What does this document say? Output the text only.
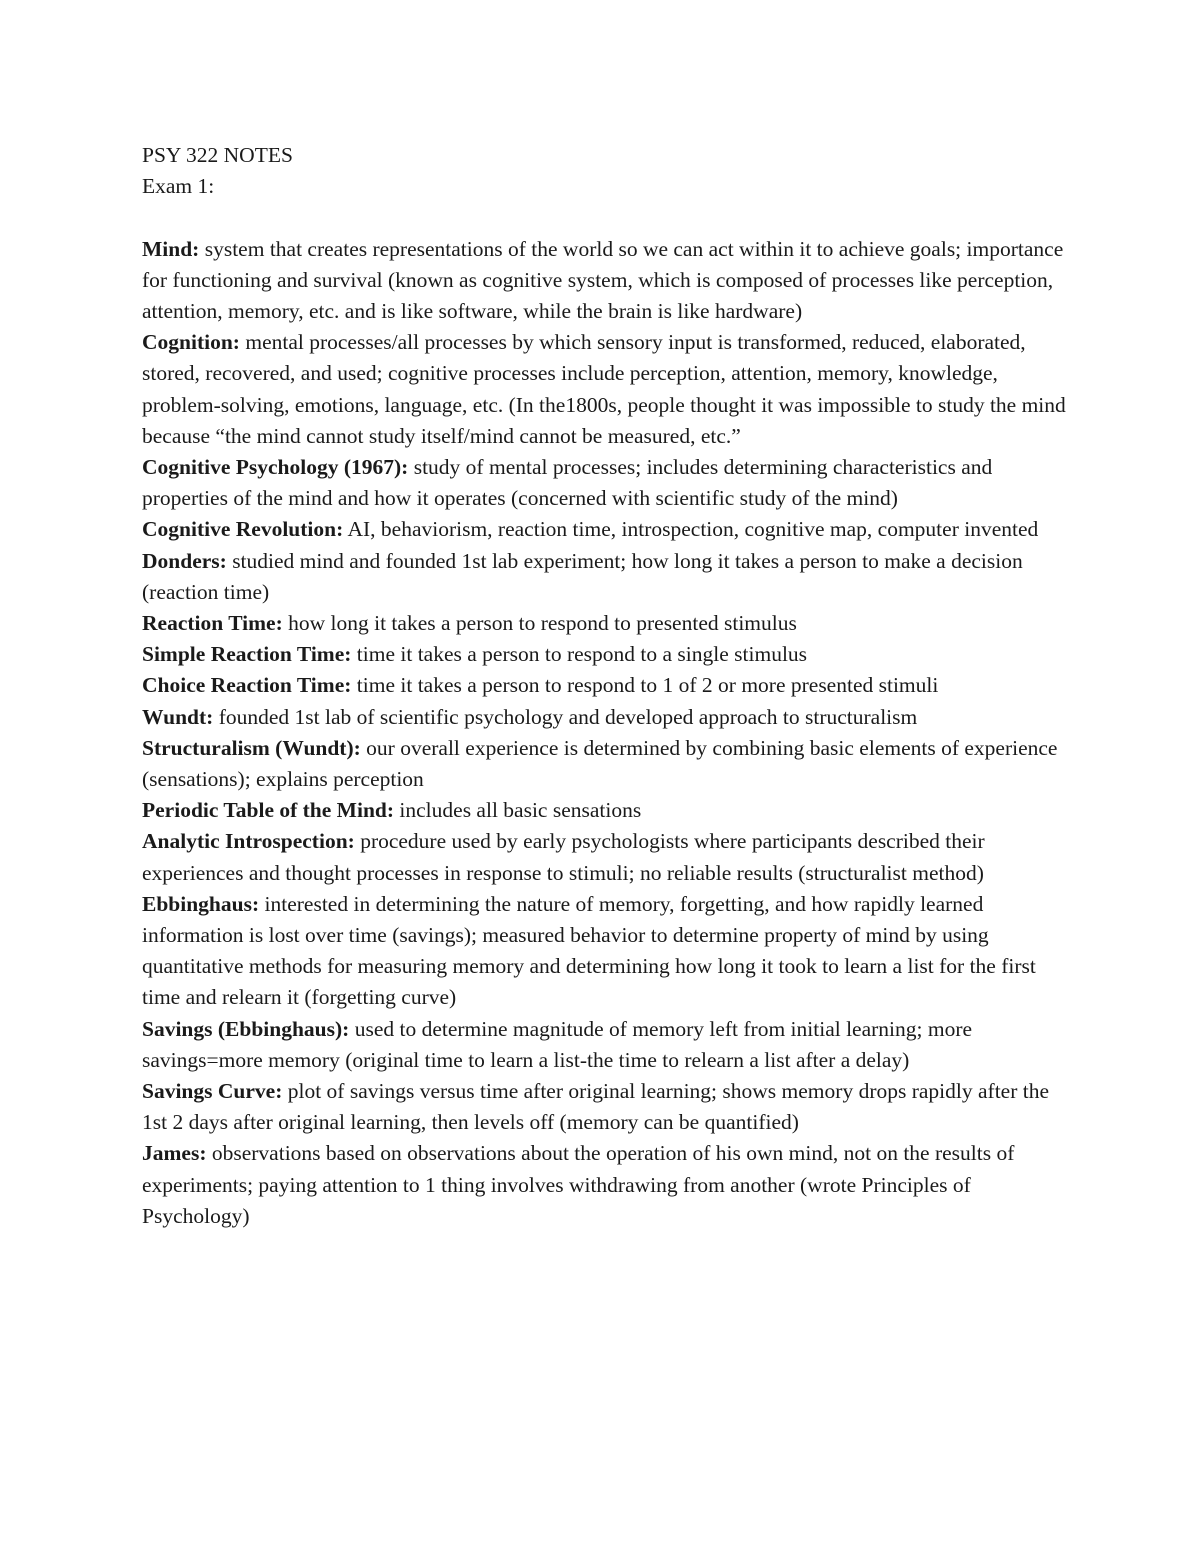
PSY 322 NOTES

Exam 1:

Mind: system that creates representations of the world so we can act within it to achieve goals; importance for functioning and survival (known as cognitive system, which is composed of processes like perception, attention, memory, etc. and is like software, while the brain is like hardware)

Cognition: mental processes/all processes by which sensory input is transformed, reduced, elaborated, stored, recovered, and used; cognitive processes include perception, attention, memory, knowledge, problem-solving, emotions, language, etc. (In the1800s, people thought it was impossible to study the mind because “the mind cannot study itself/mind cannot be measured, etc.”

Cognitive Psychology (1967): study of mental processes; includes determining characteristics and properties of the mind and how it operates (concerned with scientific study of the mind)

Cognitive Revolution: AI, behaviorism, reaction time, introspection, cognitive map, computer invented

Donders: studied mind and founded 1st lab experiment; how long it takes a person to make a decision (reaction time)

Reaction Time: how long it takes a person to respond to presented stimulus

Simple Reaction Time: time it takes a person to respond to a single stimulus

Choice Reaction Time: time it takes a person to respond to 1 of 2 or more presented stimuli

Wundt: founded 1st lab of scientific psychology and developed approach to structuralism

Structuralism (Wundt): our overall experience is determined by combining basic elements of experience (sensations); explains perception

Periodic Table of the Mind: includes all basic sensations

Analytic Introspection: procedure used by early psychologists where participants described their experiences and thought processes in response to stimuli; no reliable results (structuralist method)

Ebbinghaus: interested in determining the nature of memory, forgetting, and how rapidly learned information is lost over time (savings); measured behavior to determine property of mind by using quantitative methods for measuring memory and determining how long it took to learn a list for the first time and relearn it (forgetting curve)

Savings (Ebbinghaus): used to determine magnitude of memory left from initial learning; more savings=more memory (original time to learn a list-the time to relearn a list after a delay)

Savings Curve: plot of savings versus time after original learning; shows memory drops rapidly after the 1st 2 days after original learning, then levels off (memory can be quantified)

James: observations based on observations about the operation of his own mind, not on the results of experiments; paying attention to 1 thing involves withdrawing from another (wrote Principles of Psychology)
